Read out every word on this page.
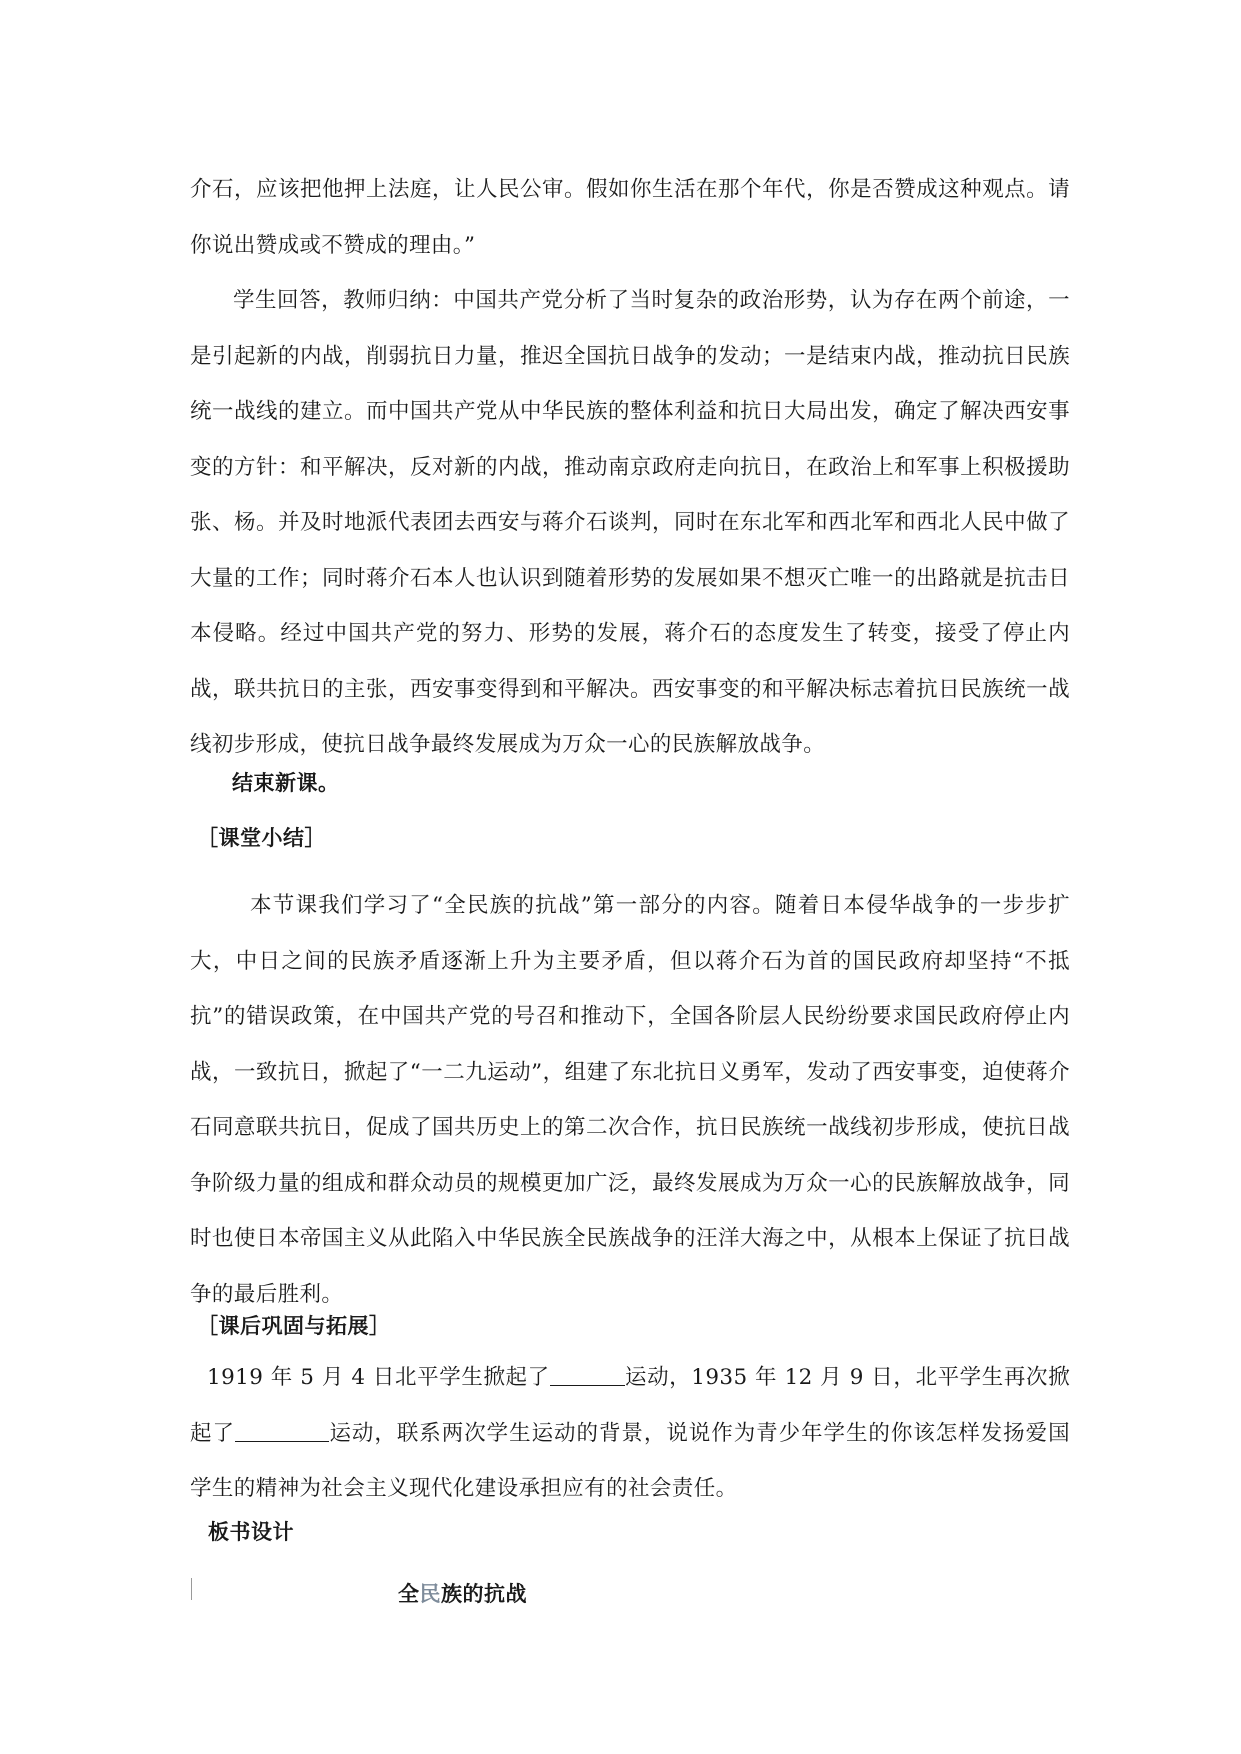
介石，应该把他押上法庭，让人民公审。假如你生活在那个年代，你是否赞成这种观点。请你说出赞成或不赞成的理由。”

学生回答，教师归纳：中国共产党分析了当时复杂的政治形势，认为存在两个前途，一是引起新的内战，削弱抗日力量，推迟全国抗日战争的发动；一是结束内战，推动抗日民族统一战线的建立。而中国共产党从中华民族的整体利益和抗日大局出发，确定了解决西安事变的方针：和平解决，反对新的内战，推动南京政府走向抗日，在政治上和军事上积极援助张、杨。并及时地派代表团去西安与蒋介石谈判，同时在东北军和西北军和西北人民中做了大量的工作；同时蒋介石本人也认识到随着形势的发展如果不想灭亡唯一的出路就是抗击日本侵略。经过中国共产党的努力、形势的发展，蒋介石的态度发生了转变，接受了停止内战，联共抗日的主张，西安事变得到和平解决。西安事变的和平解决标志着抗日民族统一战线初步形成，使抗日战争最终发展成为万众一心的民族解放战争。

结束新课。
［课堂小结］

本节课我们学习了“全民族的抗战”第一部分的内容。随着日本侵华战争的一步步扩大，中日之间的民族矛盾逐渐上升为主要矛盾，但以蒋介石为首的国民政府却坚持“不抵抗”的错误政策，在中国共产党的号召和推动下，全国各阶层人民纷纷要求国民政府停止内战，一致抗日，掀起了“一二九运动”，组建了东北抗日义勇军，发动了西安事变，迫使蒋介石同意联共抗日，促成了国共历史上的第二次合作，抗日民族统一战线初步形成，使抗日战争阶级力量的组成和群众动员的规模更加广泛，最终发展成为万众一心的民族解放战争，同时也使日本帝国主义从此陷入中华民族全民族战争的汪洋大海之中，从根本上保证了抗日战争的最后胜利。

［课后巩固与拓展］

1919 年 5 月 4 日北平学生掀起了	运动，1935 年 12 月 9 日，北平学生再次掀起了	运动，联系两次学生运动的背景，说说作为青少年学生的你该怎样发扬爱国学生的精神为社会主义现代化建设承担应有的社会责任。

板书设计
全民族的抗战
